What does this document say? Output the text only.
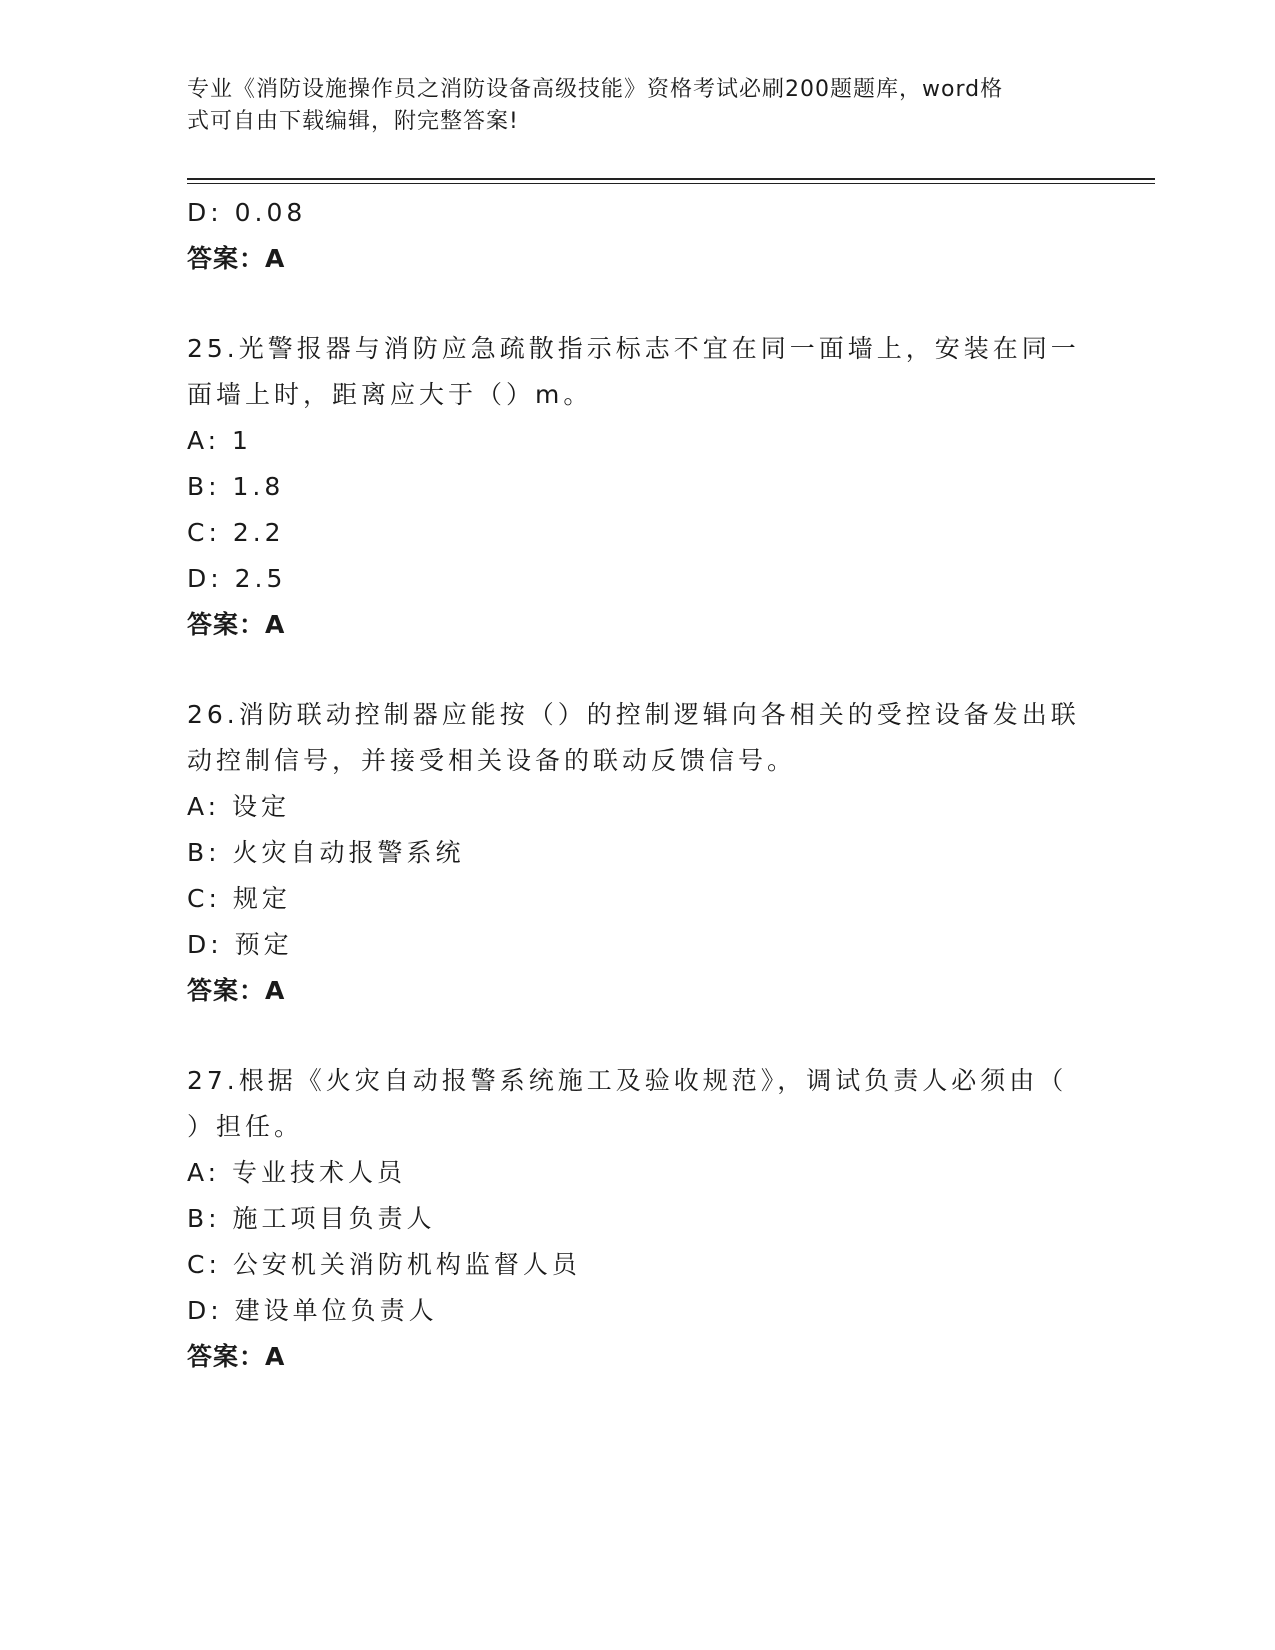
专业《消防设施操作员之消防设备高级技能》资格考试必刷200题题库，word格
式可自由下载编辑，附完整答案!
D: 0.08
答案：A
25.光警报器与消防应急疏散指示标志不宜在同一面墙上，安装在同一
面墙上时，距离应大于（）m。
A: 1
B: 1.8
C: 2.2
D: 2.5
答案：A
26.消防联动控制器应能按（）的控制逻辑向各相关的受控设备发出联
动控制信号，并接受相关设备的联动反馈信号。
A: 设定
B: 火灾自动报警系统
C: 规定
D: 预定
答案：A
27.根据《火灾自动报警系统施工及验收规范》，调试负责人必须由（
）担任。
A: 专业技术人员
B: 施工项目负责人
C: 公安机关消防机构监督人员
D: 建设单位负责人
答案：A
